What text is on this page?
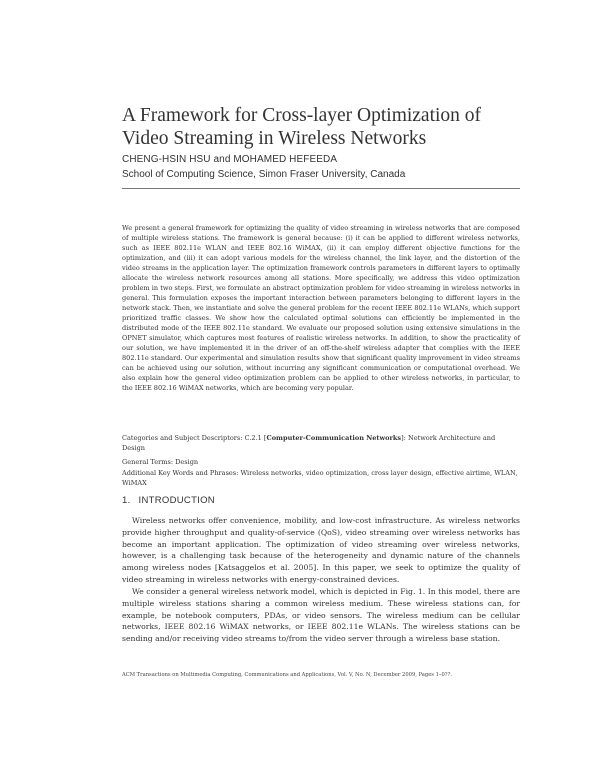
A Framework for Cross-layer Optimization of Video Streaming in Wireless Networks
CHENG-HSIN HSU and MOHAMED HEFEEDA
School of Computing Science, Simon Fraser University, Canada

We present a general framework for optimizing the quality of video streaming in wireless networks that are composed of multiple wireless stations. The framework is general because: (i) it can be applied to different wireless networks, such as IEEE 802.11e WLAN and IEEE 802.16 WiMAX, (ii) it can employ different objective functions for the optimization, and (iii) it can adopt various models for the wireless channel, the link layer, and the distortion of the video streams in the application layer. The optimization framework controls parameters in different layers to optimally allocate the wireless network resources among all stations. More specifically, we address this video optimization problem in two steps. First, we formulate an abstract optimization problem for video streaming in wireless networks in general. This formulation exposes the important interaction between parameters belonging to different layers in the network stack. Then, we instantiate and solve the general problem for the recent IEEE 802.11e WLANs, which support prioritized traffic classes. We show how the calculated optimal solutions can efficiently be implemented in the distributed mode of the IEEE 802.11e standard. We evaluate our proposed solution using extensive simulations in the OPNET simulator, which captures most features of realistic wireless networks. In addition, to show the practicality of our solution, we have implemented it in the driver of an off-the-shelf wireless adapter that complies with the IEEE 802.11e standard. Our experimental and simulation results show that significant quality improvement in video streams can be achieved using our solution, without incurring any significant communication or computational overhead. We also explain how the general video optimization problem can be applied to other wireless networks, in particular, to the IEEE 802.16 WiMAX networks, which are becoming very popular.

Categories and Subject Descriptors: C.2.1 [Computer-Communication Networks]: Network Architecture and Design

General Terms: Design

Additional Key Words and Phrases: Wireless networks, video optimization, cross layer design, effective airtime, WLAN, WiMAX

1. INTRODUCTION

Wireless networks offer convenience, mobility, and low-cost infrastructure. As wireless networks provide higher throughput and quality-of-service (QoS), video streaming over wireless networks has become an important application. The optimization of video streaming over wireless networks, however, is a challenging task because of the heterogeneity and dynamic nature of the channels among wireless nodes [Katsaggelos et al. 2005]. In this paper, we seek to optimize the quality of video streaming in wireless networks with energy-constrained devices.

We consider a general wireless network model, which is depicted in Fig. 1. In this model, there are multiple wireless stations sharing a common wireless medium. These wireless stations can, for example, be notebook computers, PDAs, or video sensors. The wireless medium can be cellular networks, IEEE 802.16 WiMAX networks, or IEEE 802.11e WLANs. The wireless stations can be sending and/or receiving video streams to/from the video server through a wireless base station.

ACM Transactions on Multimedia Computing, Communications and Applications, Vol. V, No. N, December 2009, Pages 1–0??.
